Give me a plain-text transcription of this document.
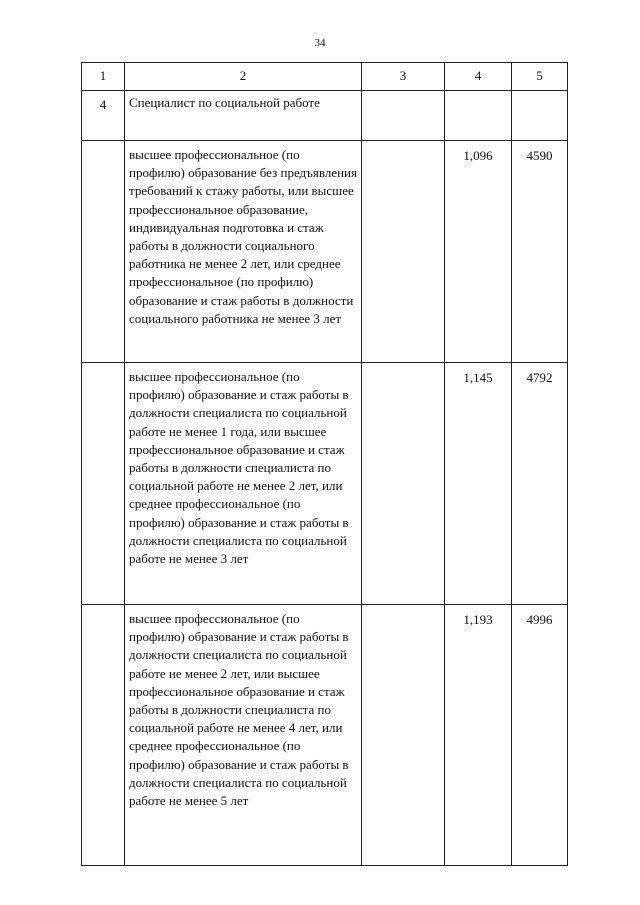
34
1	2	3	4	5
4	Специалист по социальной работе			
	высшее профессиональное (по профилю) образование без предъявления требований к стажу работы, или высшее профессиональное образование, индивидуальная подготовка и стаж работы в должности социального работника не менее 2 лет, или среднее профессиональное (по профилю) образование и стаж работы в должности социального работника не менее 3 лет		1,096	4590
	высшее профессиональное (по профилю) образование и стаж работы в должности специалиста по социальной работе не менее 1 года, или высшее профессиональное образование и стаж работы в должности специалиста по социальной работе не менее 2 лет, или среднее профессиональное (по профилю) образование и стаж работы в должности специалиста по социальной работе не менее 3 лет		1,145	4792
	высшее профессиональное (по профилю) образование и стаж работы в должности специалиста по социальной работе не менее 2 лет, или высшее профессиональное образование и стаж работы в должности специалиста по социальной работе не менее 4 лет, или среднее профессиональное (по профилю) образование и стаж работы в должности специалиста по социальной работе не менее 5 лет		1,193	4996
